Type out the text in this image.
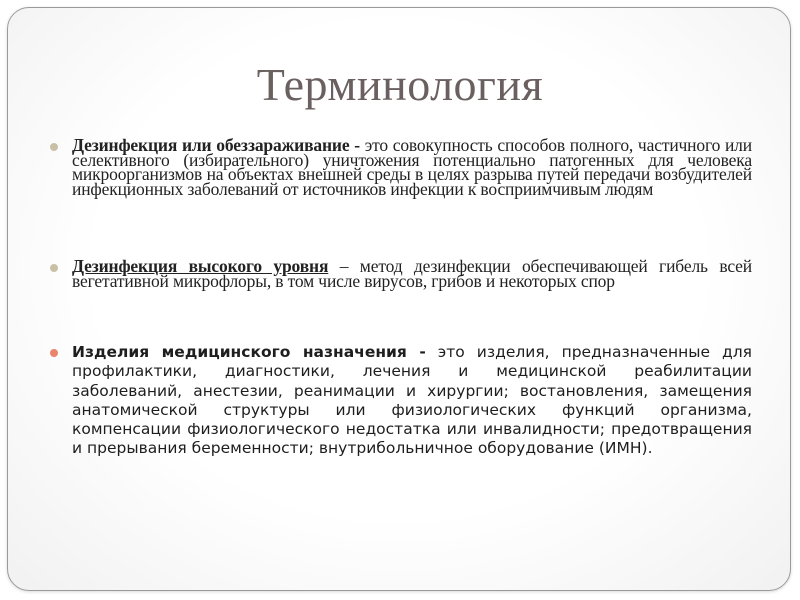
Терминология
Дезинфекция или обеззараживание - это совокупность способов полного, частичного или селективного (избирательного) уничтожения потенциально патогенных для человека микроорганизмов на объектах внешней среды в целях разрыва путей передачи возбудителей инфекционных заболеваний от источников инфекции к восприимчивым людям
Дезинфекция высокого уровня – метод дезинфекции обеспечивающей гибель всей вегетативной микрофлоры, в том числе вирусов, грибов и некоторых спор
Изделия медицинского назначения - это изделия, предназначенные для профилактики, диагностики, лечения и медицинской реабилитации заболеваний, анестезии, реанимации и хирургии; востановления, замещения анатомической структуры или физиологических функций организма, компенсации физиологического недостатка или инвалидности; предотвращения и прерывания беременности; внутрибольничное оборудование (ИМН).
